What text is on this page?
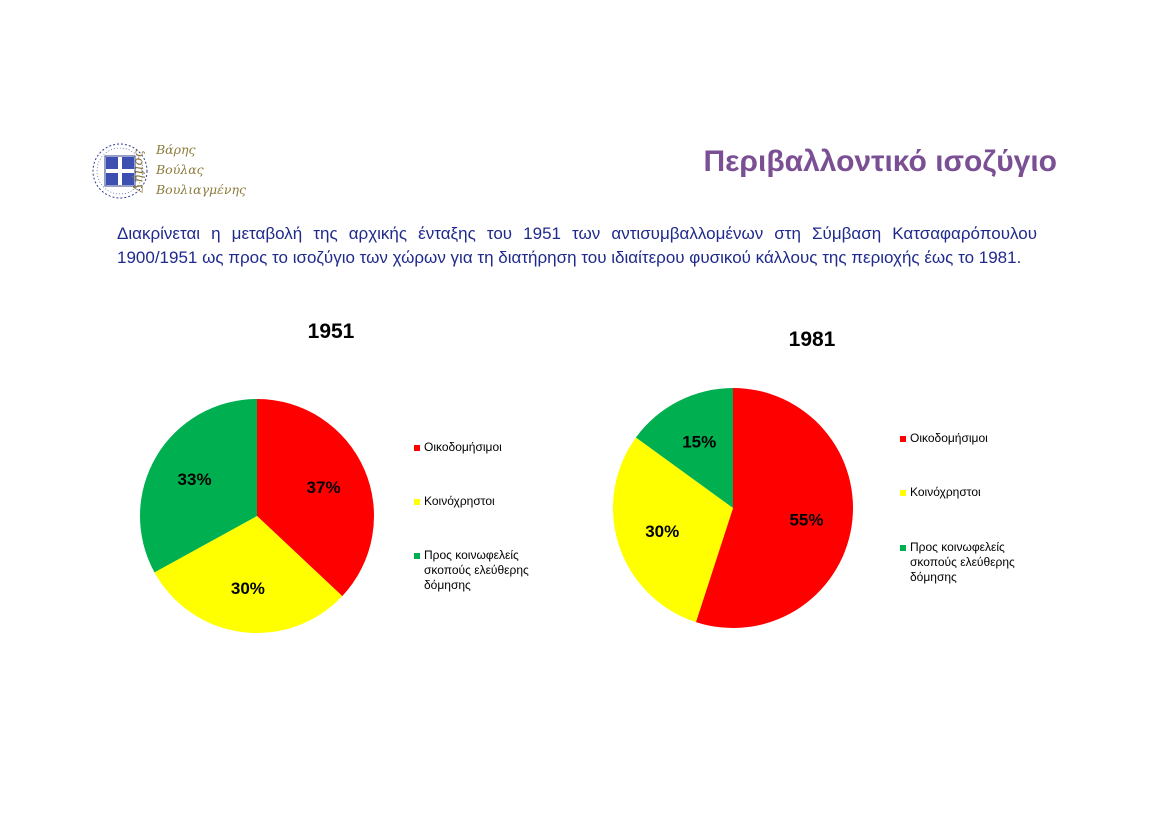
Δήμος Βάρης
Βούλας
Βουλιαγμένης
Περιβαλλοντικό ισοζύγιο
Διακρίνεται η μεταβολή της αρχικής ένταξης του 1951 των αντισυμβαλλομένων στη Σύμβαση Κατσαφαρόπουλου 1900/1951 ως προς το ισοζύγιο των χώρων για τη διατήρηση του ιδιαίτερου φυσικού κάλλους της περιοχής έως το 1981.
1951
37%
30%
33%
Οικοδομήσιμοι
Κοινόχρηστοι
Προς κοινωφελείς σκοπούς ελεύθερης δόμησης
1981
55%
30%
15%	Οικοδομήσιμοι
Κοινόχρηστοι
Προς κοινωφελείς σκοπούς ελεύθερης δόμησης
